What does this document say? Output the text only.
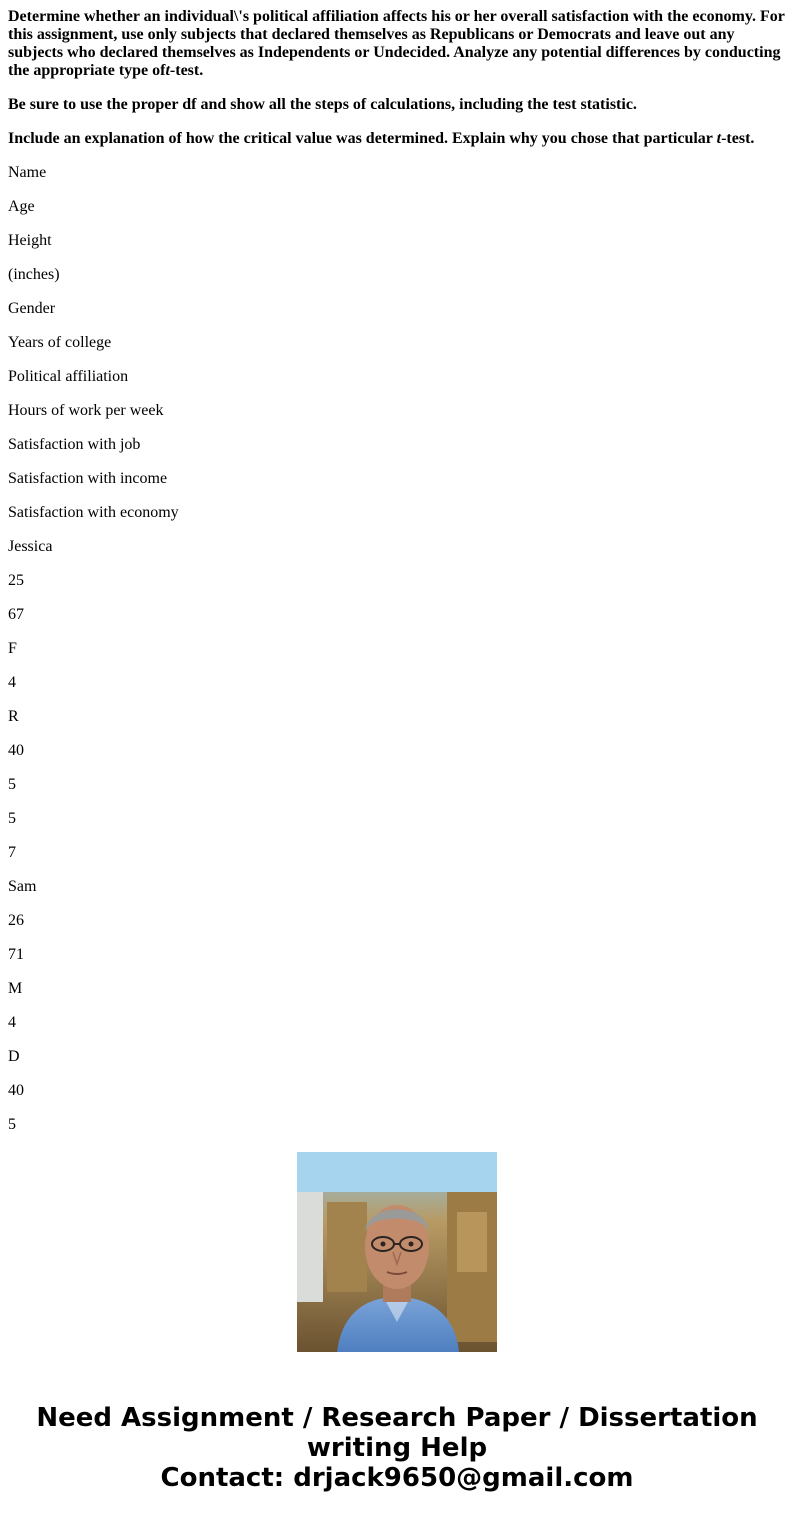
Determine whether an individual\'s political affiliation affects his or her overall satisfaction with the economy. For this assignment, use only subjects that declared themselves as Republicans or Democrats and leave out any subjects who declared themselves as Independents or Undecided. Analyze any potential differences by conducting the appropriate type oft-test.

Be sure to use the proper df and show all the steps of calculations, including the test statistic.

Include an explanation of how the critical value was determined. Explain why you chose that particular t-test.

Name
Age
Height
(inches)
Gender
Years of college
Political affiliation
Hours of work per week
Satisfaction with job
Satisfaction with income
Satisfaction with economy
Jessica
25
67
F
4
R
40
5
5
7
Sam
26
71
M
4
D
40
5
Need Assignment / Research Paper / Dissertation
writing Help
Contact: drjack9650@gmail.com
